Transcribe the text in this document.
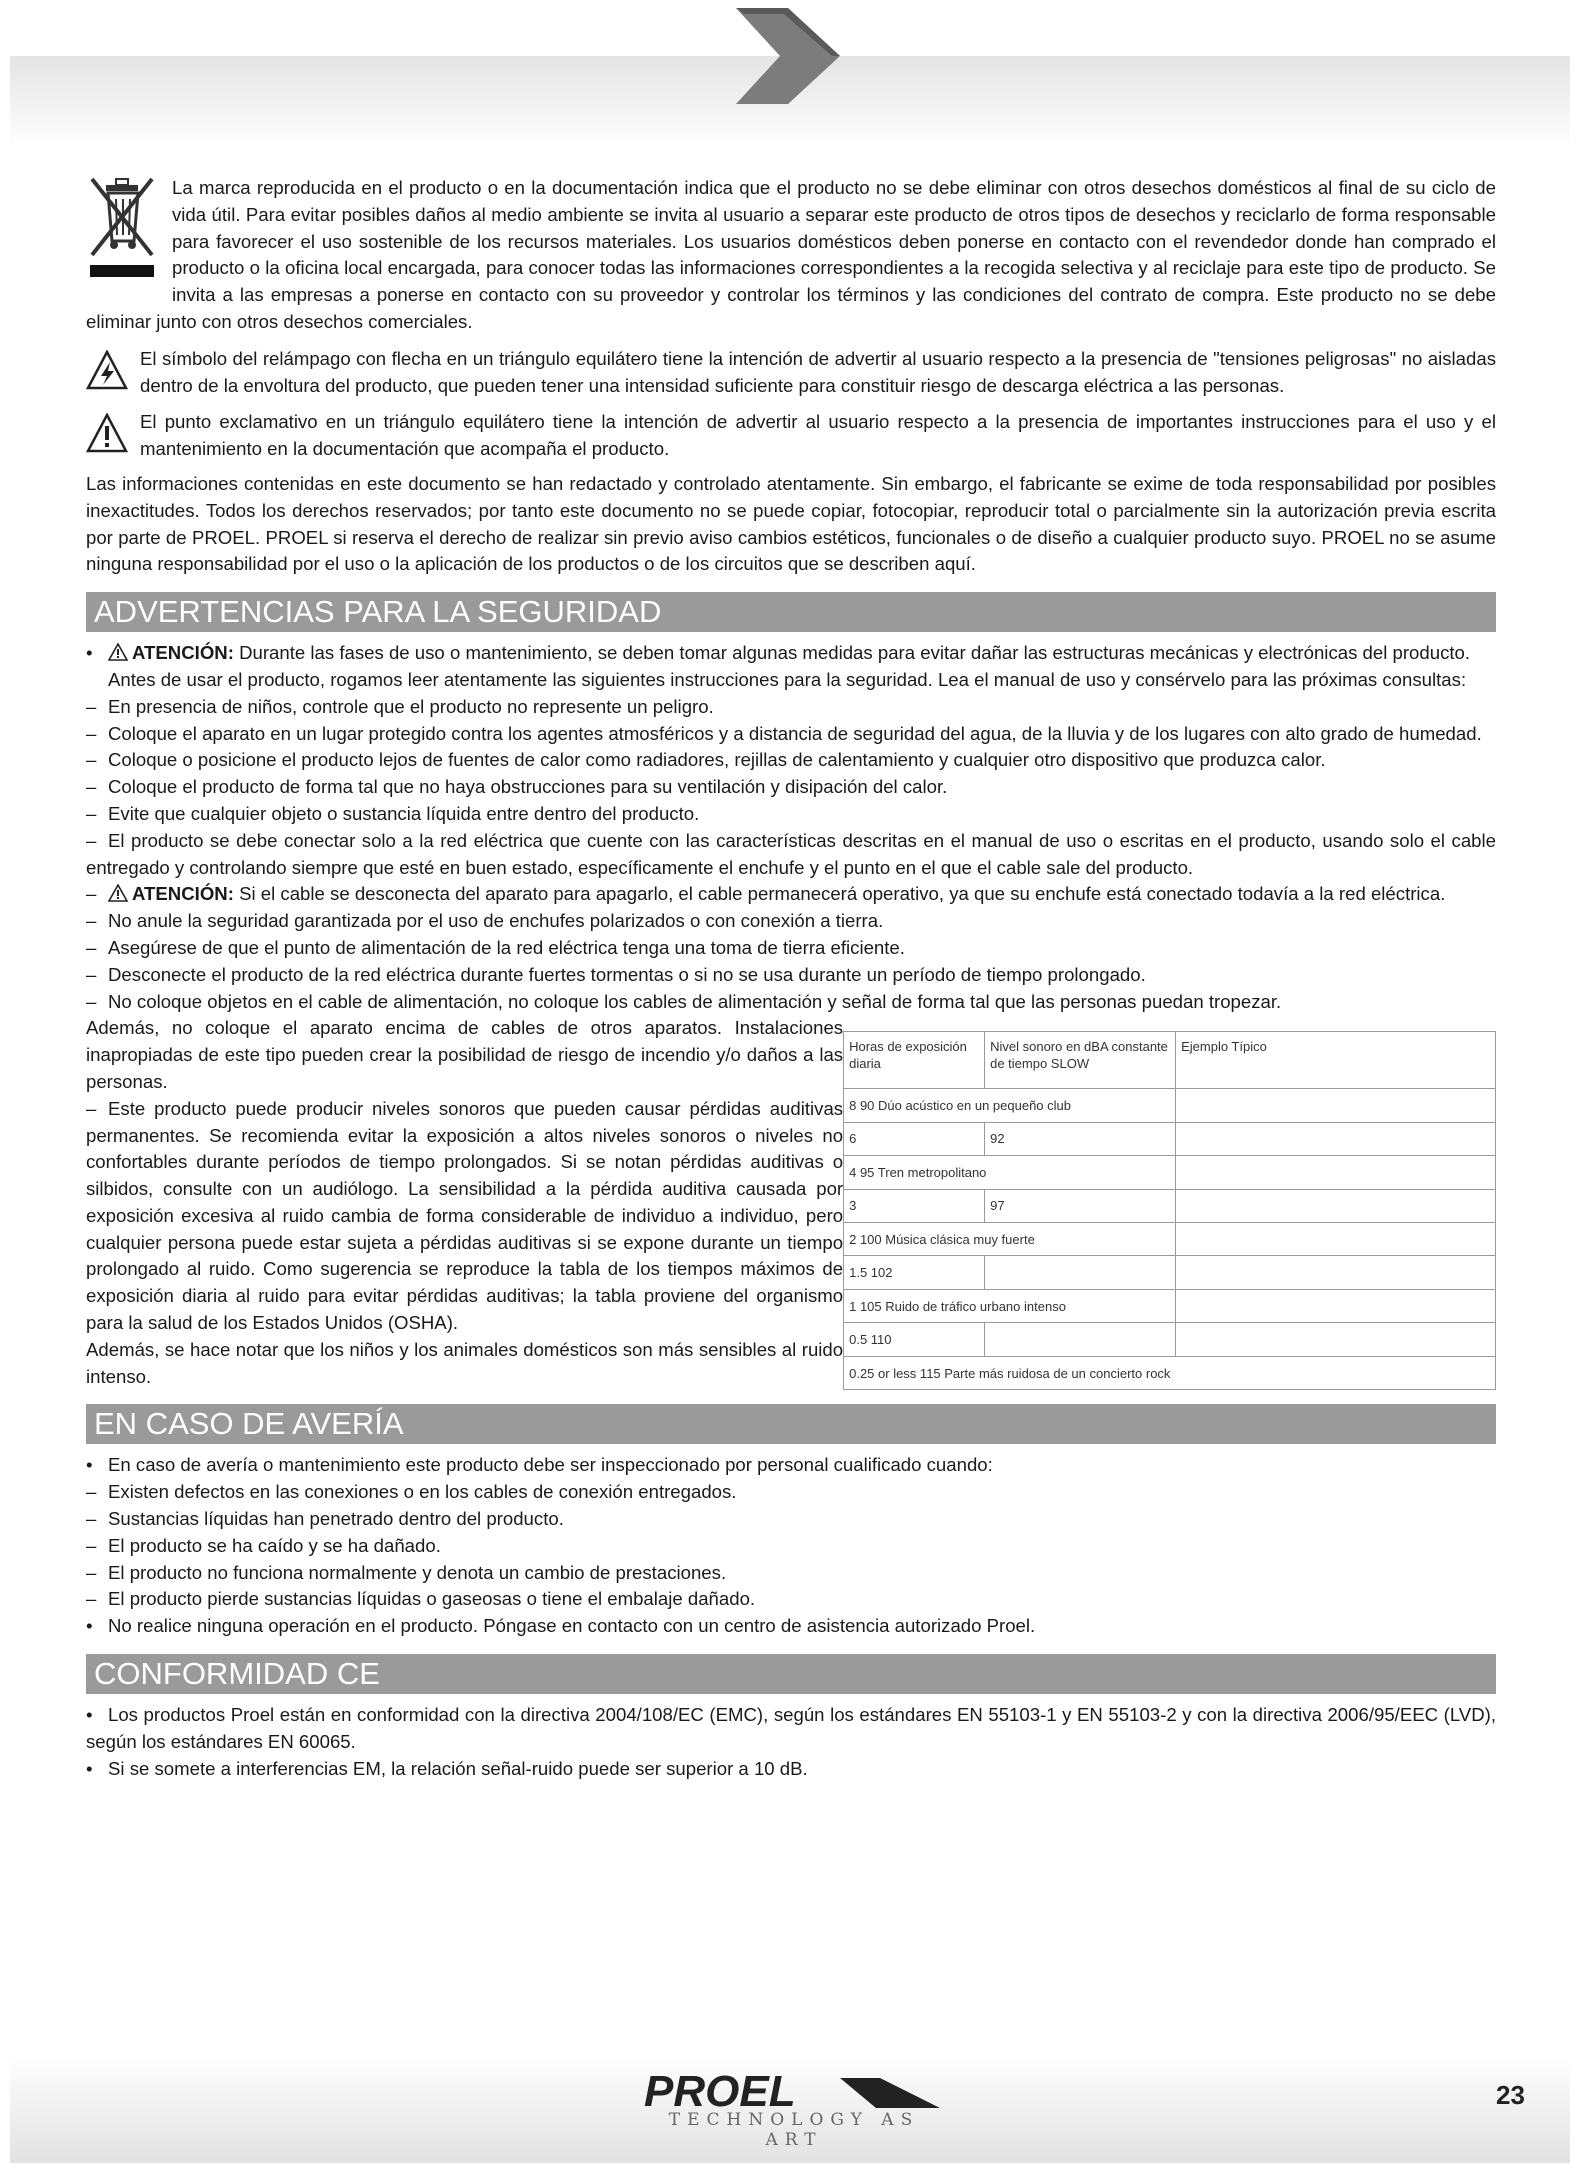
La marca reproducida en el producto o en la documentación indica que el producto no se debe eliminar con otros desechos domésticos al final de su ciclo de vida útil. Para evitar posibles daños al medio ambiente se invita al usuario a separar este producto de otros tipos de desechos y reciclarlo de forma responsable para favorecer el uso sostenible de los recursos materiales. Los usuarios domésticos deben ponerse en contacto con el revendedor donde han comprado el producto o la oficina local encargada, para conocer todas las informaciones correspondientes a la recogida selectiva y al reciclaje para este tipo de producto. Se invita a las empresas a ponerse en contacto con su proveedor y controlar los términos y las condiciones del contrato de compra. Este producto no se debe eliminar junto con otros desechos comerciales.

El símbolo del relámpago con flecha en un triángulo equilátero tiene la intención de advertir al usuario respecto a la presencia de "tensiones peligrosas" no aisladas dentro de la envoltura del producto, que pueden tener una intensidad suficiente para constituir riesgo de descarga eléctrica a las personas.

El punto exclamativo en un triángulo equilátero tiene la intención de advertir al usuario respecto a la presencia de importantes instrucciones para el uso y el mantenimiento en la documentación que acompaña el producto.

Las informaciones contenidas en este documento se han redactado y controlado atentamente. Sin embargo, el fabricante se exime de toda responsabilidad por posibles inexactitudes. Todos los derechos reservados; por tanto este documento no se puede copiar, fotocopiar, reproducir total o parcialmente sin la autorización previa escrita por parte de PROEL. PROEL si reserva el derecho de realizar sin previo aviso cambios estéticos, funcionales o de diseño a cualquier producto suyo. PROEL no se asume ninguna responsabilidad por el uso o la aplicación de los productos o de los circuitos que se describen aquí.

ADVERTENCIAS PARA LA SEGURIDAD

• ATENCIÓN: Durante las fases de uso o mantenimiento, se deben tomar algunas medidas para evitar dañar las estructuras mecánicas y electrónicas del producto.

Antes de usar el producto, rogamos leer atentamente las siguientes instrucciones para la seguridad. Lea el manual de uso y consérvelo para las próximas consultas:

– En presencia de niños, controle que el producto no represente un peligro.

– Coloque el aparato en un lugar protegido contra los agentes atmosféricos y a distancia de seguridad del agua, de la lluvia y de los lugares con alto grado de humedad.

– Coloque o posicione el producto lejos de fuentes de calor como radiadores, rejillas de calentamiento y cualquier otro dispositivo que produzca calor.

– Coloque el producto de forma tal que no haya obstrucciones para su ventilación y disipación del calor.

– Evite que cualquier objeto o sustancia líquida entre dentro del producto.

– El producto se debe conectar solo a la red eléctrica que cuente con las características descritas en el manual de uso o escritas en el producto, usando solo el cable entregado y controlando siempre que esté en buen estado, específicamente el enchufe y el punto en el que el cable sale del producto.

– ATENCIÓN: Si el cable se desconecta del aparato para apagarlo, el cable permanecerá operativo, ya que su enchufe está conectado todavía a la red eléctrica.

– No anule la seguridad garantizada por el uso de enchufes polarizados o con conexión a tierra.

– Asegúrese de que el punto de alimentación de la red eléctrica tenga una toma de tierra eficiente.

– Desconecte el producto de la red eléctrica durante fuertes tormentas o si no se usa durante un período de tiempo prolongado.

– No coloque objetos en el cable de alimentación, no coloque los cables de alimentación y señal de forma tal que las personas puedan tropezar.

Además, no coloque el aparato encima de cables de otros aparatos. Instalaciones inapropiadas de este tipo pueden crear la posibilidad de riesgo de incendio y/o daños a las personas.

– Este producto puede producir niveles sonoros que pueden causar pérdidas auditivas permanentes. Se recomienda evitar la exposición a altos niveles sonoros o niveles no confortables durante períodos de tiempo prolongados. Si se notan pérdidas auditivas o silbidos, consulte con un audiólogo. La sensibilidad a la pérdida auditiva causada por exposición excesiva al ruido cambia de forma considerable de individuo a individuo, pero cualquier persona puede estar sujeta a pérdidas auditivas si se expone durante un tiempo prolongado al ruido. Como sugerencia se reproduce la tabla de los tiempos máximos de exposición diaria al ruido para evitar pérdidas auditivas; la tabla proviene del organismo para la salud de los Estados Unidos (OSHA).

Además, se hace notar que los niños y los animales domésticos son más sensibles al ruido intenso.

Horas de exposición diaria	Nivel sonoro en dBA constante de tiempo SLOW	Ejemplo Típico
8 90 Dúo acústico en un pequeño club		
6	92	
4 95 Tren metropolitano		
3	97	
2 100 Música clásica muy fuerte		
1.5 102		
1 105 Ruido de tráfico urbano intenso		
0.5 110		
0.25 or less 115 Parte más ruidosa de un concierto rock		
EN CASO DE AVERÍA

• En caso de avería o mantenimiento este producto debe ser inspeccionado por personal cualificado cuando:

– Existen defectos en las conexiones o en los cables de conexión entregados.

– Sustancias líquidas han penetrado dentro del producto.

– El producto se ha caído y se ha dañado.

– El producto no funciona normalmente y denota un cambio de prestaciones.

– El producto pierde sustancias líquidas o gaseosas o tiene el embalaje dañado.

• No realice ninguna operación en el producto. Póngase en contacto con un centro de asistencia autorizado Proel.

CONFORMIDAD CE

• Los productos Proel están en conformidad con la directiva 2004/108/EC (EMC), según los estándares EN 55103-1 y EN 55103-2 y con la directiva 2006/95/EEC (LVD), según los estándares EN 60065.

• Si se somete a interferencias EM, la relación señal-ruido puede ser superior a 10 dB.

PROEL
TECHNOLOGY AS ART
23
